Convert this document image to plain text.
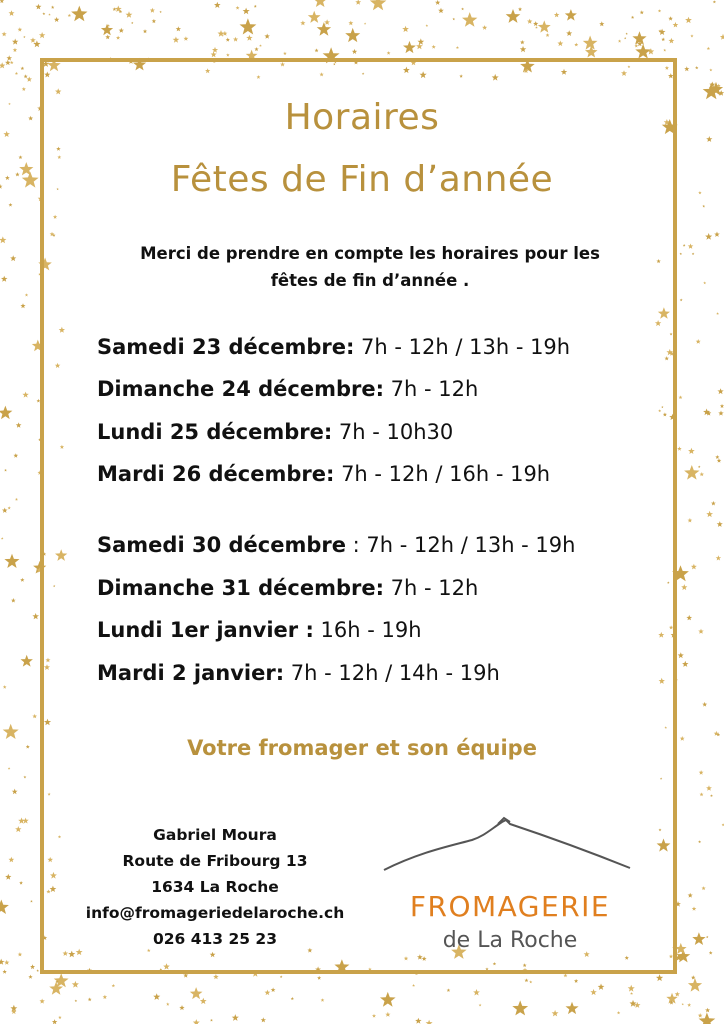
Horaires
Fêtes de Fin d’année
Merci de prendre en compte les horaires pour les
fêtes de fin d’année .

Samedi 23 décembre: 7h - 12h / 13h - 19h

Dimanche 24 décembre: 7h - 12h

Lundi 25 décembre: 7h - 10h30

Mardi 26 décembre: 7h - 12h / 16h - 19h

Samedi 30 décembre : 7h - 12h / 13h - 19h

Dimanche 31 décembre: 7h - 12h

Lundi 1er janvier : 16h - 19h

Mardi 2 janvier: 7h - 12h / 14h - 19h

Votre fromager et son équipe

Gabriel Moura
Route de Fribourg 13
1634 La Roche
info@fromageriedelaroche.ch
026 413 25 23
FROMAGERIE
de La Roche
